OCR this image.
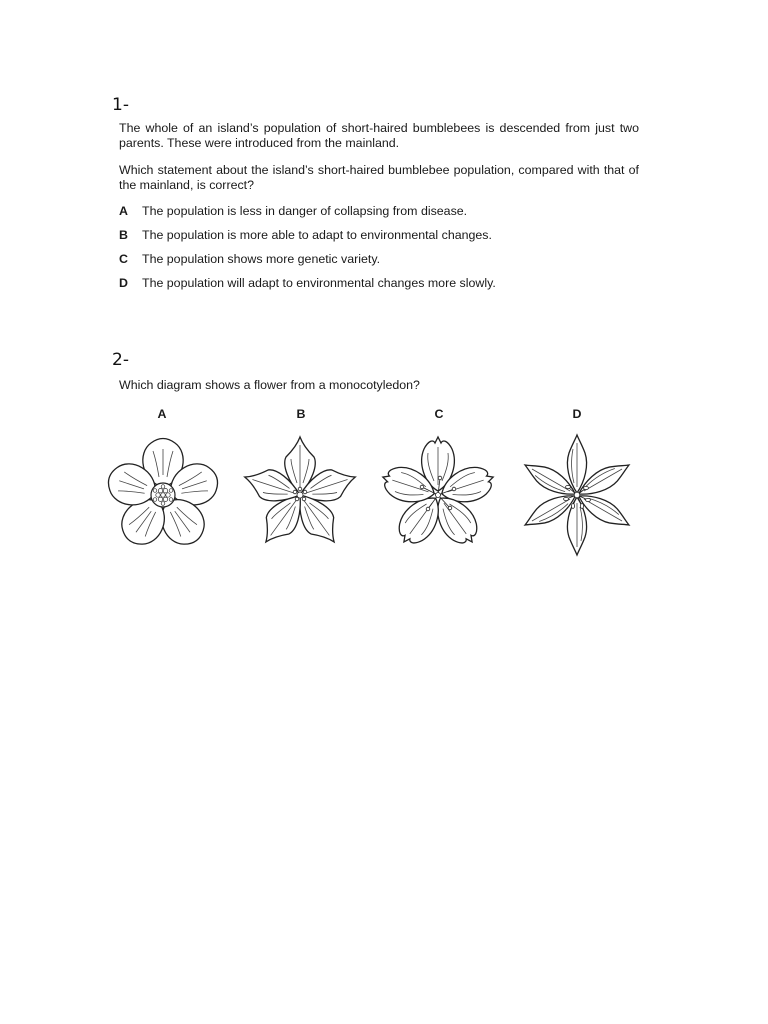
1-

The whole of an island’s population of short-haired bumblebees is descended from just two parents. These were introduced from the mainland.

Which statement about the island’s short-haired bumblebee population, compared with that of the mainland, is correct?

A The population is less in danger of collapsing from disease.
B The population is more able to adapt to environmental changes.
C The population shows more genetic variety.
D The population will adapt to environmental changes more slowly.
2-

Which diagram shows a flower from a monocotyledon?

A	B	C	D
